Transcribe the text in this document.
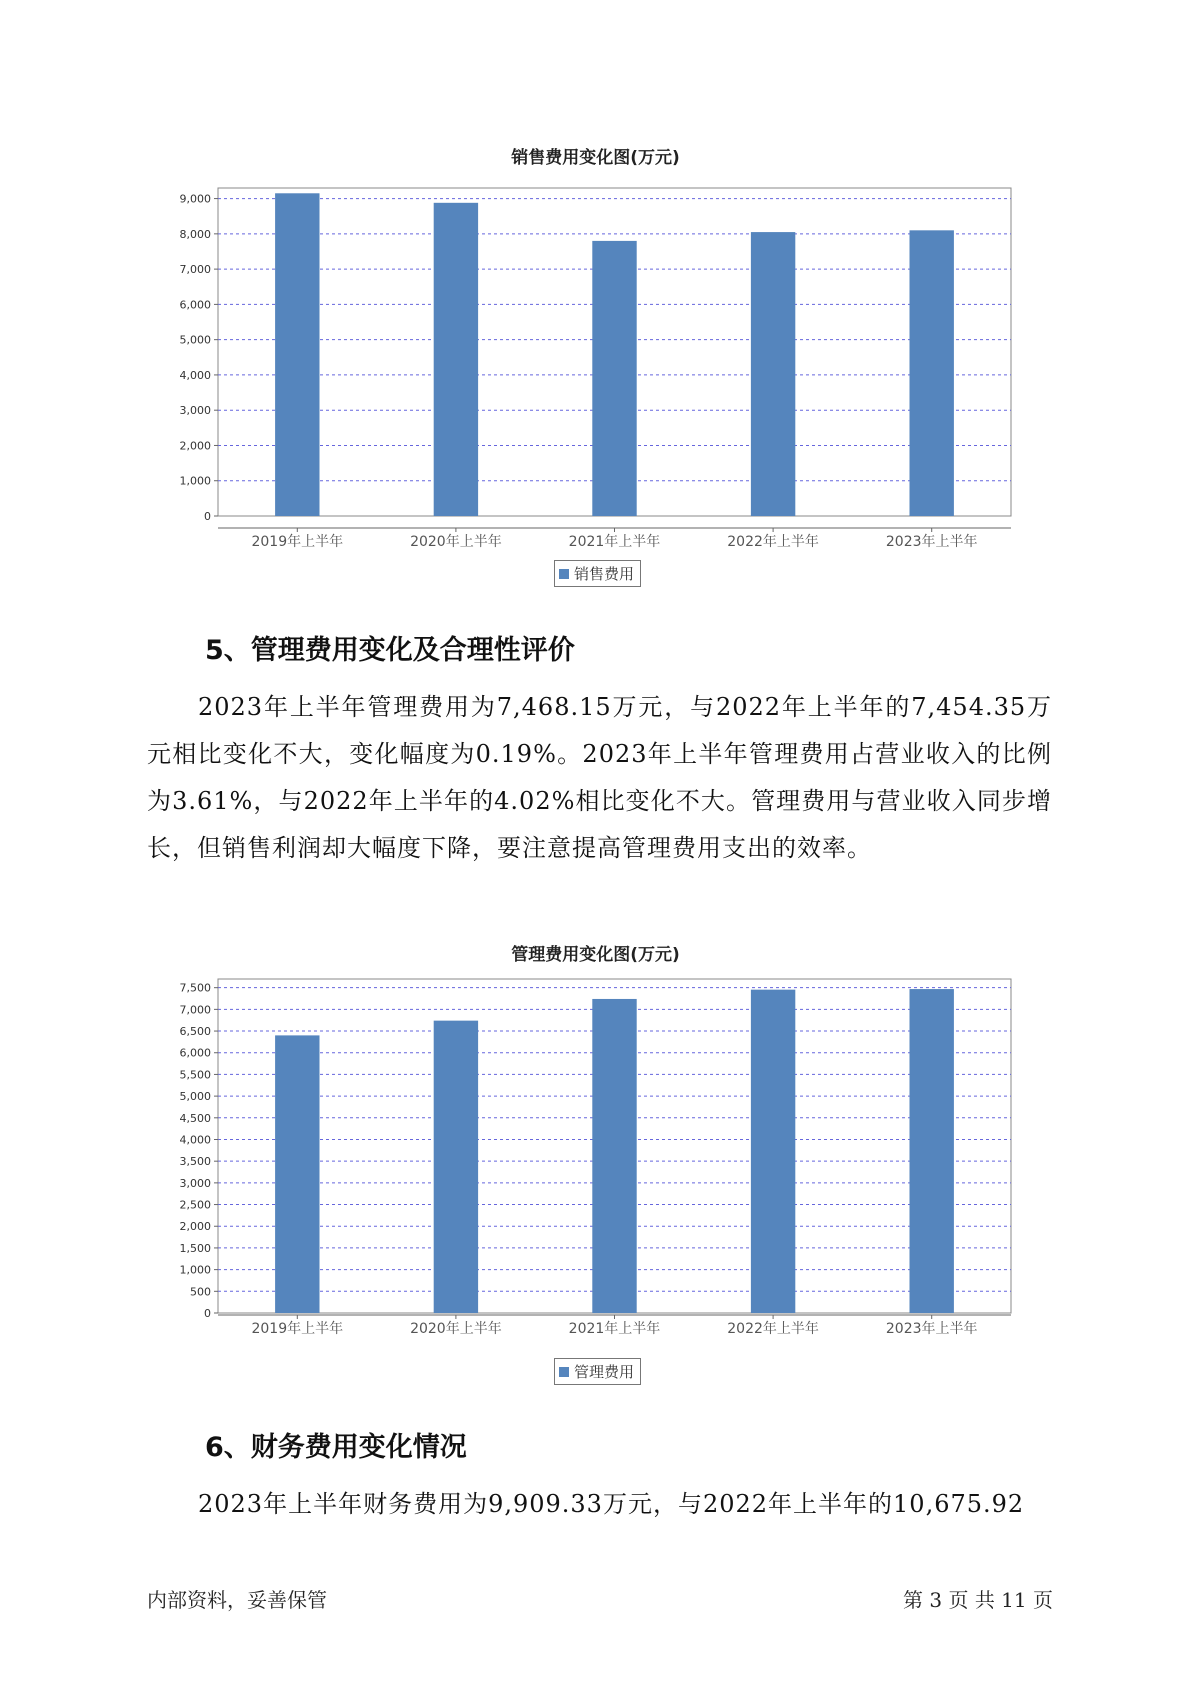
销售费用变化图(万元)
0
1,000
2,000
3,000
4,000
5,000
6,000
7,000
8,000
9,000
2019年上半年	2020年上半年	2021年上半年	2022年上半年	2023年上半年
销售费用
5、管理费用变化及合理性评价

2023年上半年管理费用为7,468.15万元，与2022年上半年的7,454.35万元相比变化不大，变化幅度为0.19%。2023年上半年管理费用占营业收入的比例为3.61%，与2022年上半年的4.02%相比变化不大。管理费用与营业收入同步增长，但销售利润却大幅度下降，要注意提高管理费用支出的效率。

管理费用变化图(万元)
0
500
1,000
1,500
2,000
2,500
3,000
3,500
4,000
4,500
5,000
5,500
6,000
6,500
7,000
7,500
2019年上半年	2020年上半年	2021年上半年	2022年上半年	2023年上半年
管理费用
6、财务费用变化情况

2023年上半年财务费用为9,909.33万元，与2022年上半年的10,675.92

内部资料，妥善保管	第 3 页 共 11 页
